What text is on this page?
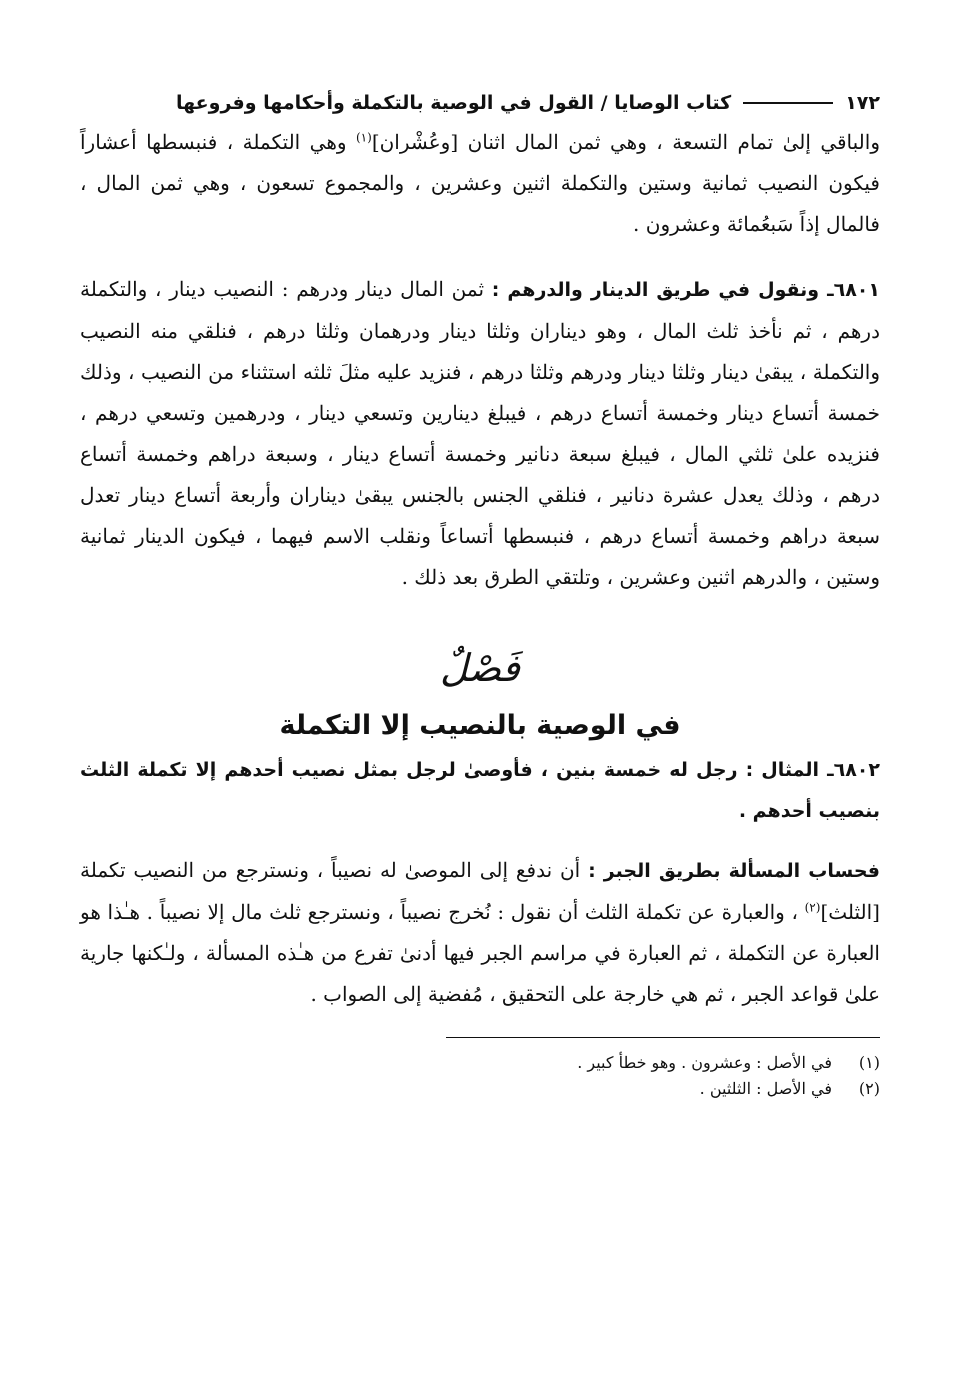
١٧٢
كتاب الوصايا / القول في الوصية بالتكملة وأحكامها وفروعها

والباقي إلىٰ تمام التسعة ، وهي ثمن المال اثنان [وعُشْران]$^{(١)}$ وهي التكملة ، فنبسطها أعشاراً فيكون النصيب ثمانية وستين والتكملة اثنين وعشرين ، والمجموع تسعون ، وهي ثمن المال ، فالمال إذاً سَبعُمائة وعشرون .

٦٨٠١ـ ونقول في طريق الدينار والدرهم : ثمن المال دينار ودرهم : النصيب دينار ، والتكملة درهم ، ثم نأخذ ثلث المال ، وهو ديناران وثلثا دينار ودرهمان وثلثا درهم ، فنلقي منه النصيب والتكملة ، يبقىٰ دينار وثلثا دينار ودرهم وثلثا درهم ، فنزيد عليه مثلَ ثلثه استثناء من النصيب ، وذلك خمسة أتساع دينار وخمسة أتساع درهم ، فيبلغ دينارين وتسعي دينار ، ودرهمين وتسعي درهم ، فنزيده علىٰ ثلثي المال ، فيبلغ سبعة دنانير وخمسة أتساع دينار ، وسبعة دراهم وخمسة أتساع درهم ، وذلك يعدل عشرة دنانير ، فنلقي الجنس بالجنس يبقىٰ ديناران وأربعة أتساع دينار تعدل سبعة دراهم وخمسة أتساع درهم ، فنبسطها أتساعاً ونقلب الاسم فيهما ، فيكون الدينار ثمانية وستين ، والدرهم اثنين وعشرين ، وتلتقي الطرق بعد ذلك .

فَصْلٌ
في الوصية بالنصيب إلا التكملة

٦٨٠٢ـ المثال : رجل له خمسة بنين ، فأوصىٰ لرجل بمثل نصيب أحدهم إلا تكملة الثلث بنصيب أحدهم .

فحساب المسألة بطريق الجبر : أن ندفع إلى الموصىٰ له نصيباً ، ونسترجع من النصيب تكملة [الثلث]$^{(٢)}$ ، والعبارة عن تكملة الثلث أن نقول : نُخرج نصيباً ، ونسترجع ثلث مال إلا نصيباً . هـٰذا هو العبارة عن التكملة ، ثم العبارة في مراسم الجبر فيها أدنىٰ تفرع من هـٰذه المسألة ، ولـٰكنها جارية علىٰ قواعد الجبر ، ثم هي خارجة على التحقيق ، مُفضية إلى الصواب .

(١)
في الأصل : وعشرون . وهو خطأ كبير .
(٢)
في الأصل : الثلثين .
